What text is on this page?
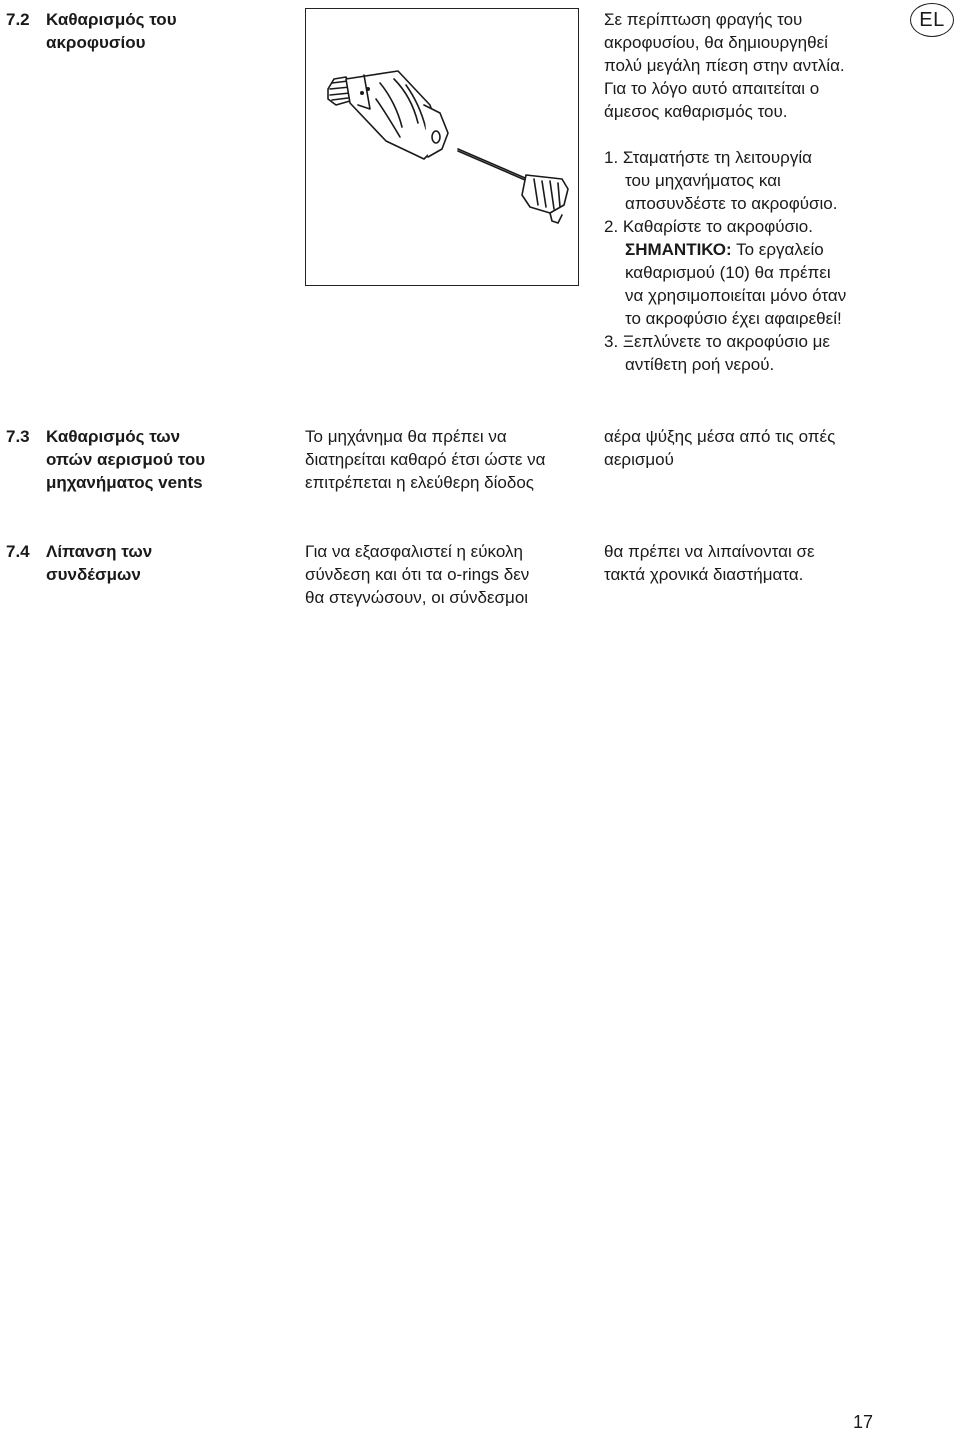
EL
7.2 Καθαρισμός του
ακροφυσίου
Σε περίπτωση φραγής του
ακροφυσίου, θα δημιουργηθεί
πολύ μεγάλη πίεση στην αντλία.
Για το λόγο αυτό απαιτείται ο
άμεσος καθαρισμός του.
1. Σταματήστε τη λειτουργία
του μηχανήματος και
αποσυνδέστε το ακροφύσιο.
2. Καθαρίστε το ακροφύσιο.
ΣΗΜΑΝΤΙΚΟ: Το εργαλείο
καθαρισμού (10) θα πρέπει
να χρησιμοποιείται μόνο όταν
το ακροφύσιο έχει αφαιρεθεί!
3. Ξεπλύνετε το ακροφύσιο με
αντίθετη ροή νερού.
7.3 Καθαρισμός των
οπών αερισμού του
μηχανήματος vents
Το μηχάνημα θα πρέπει να
διατηρείται καθαρό έτσι ώστε να
επιτρέπεται η ελεύθερη δίοδος
αέρα ψύξης μέσα από τις οπές
αερισμού
7.4 Λίπανση των
συνδέσμων
Για να εξασφαλιστεί η εύκολη
σύνδεση και ότι τα o-rings δεν
θα στεγνώσουν, οι σύνδεσμοι
θα πρέπει να λιπαίνονται σε
τακτά χρονικά διαστήματα.
17
